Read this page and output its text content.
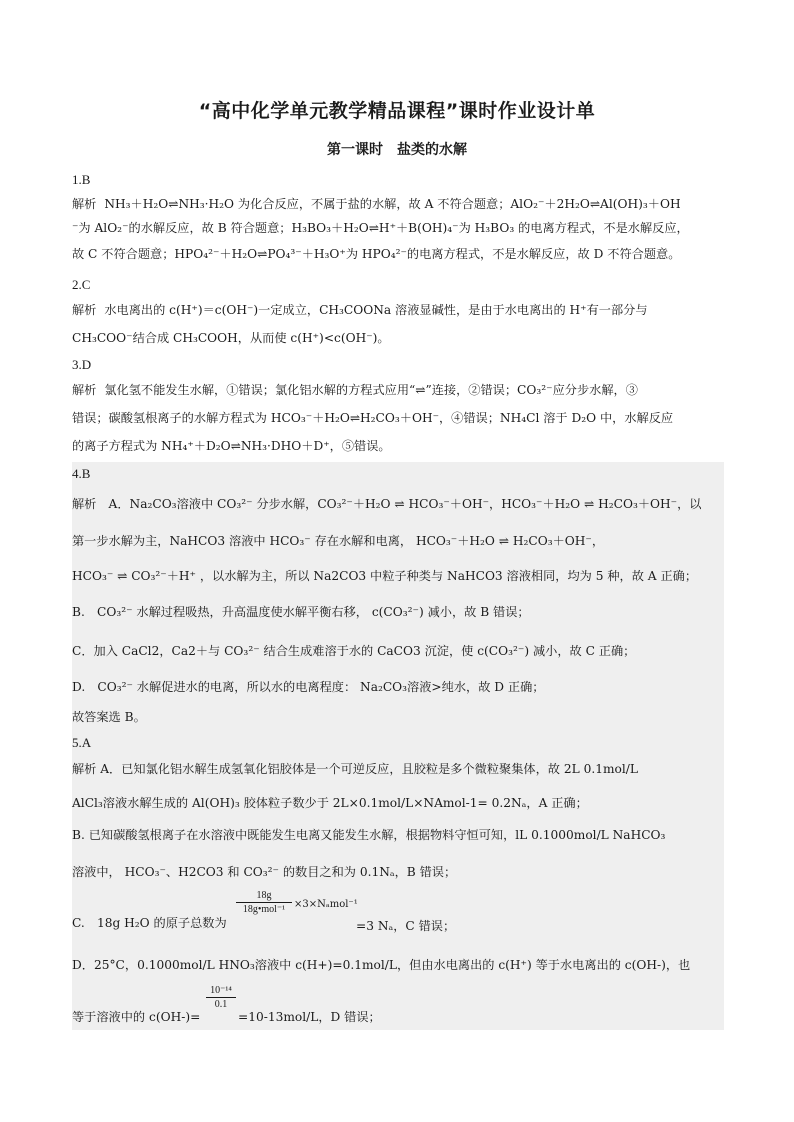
“高中化学单元教学精品课程”课时作业设计单
第一课时　盐类的水解
1.B
解析 NH₃＋H₂O⇌NH₃·H₂O 为化合反应，不属于盐的水解，故 A 不符合题意；AlO₂⁻＋2H₂O⇌Al(OH)₃＋OH
⁻为 AlO₂⁻的水解反应，故 B 符合题意；H₃BO₃＋H₂O⇌H⁺＋B(OH)₄⁻为 H₃BO₃ 的电离方程式，不是水解反应，
故 C 不符合题意；HPO₄²⁻＋H₂O⇌PO₄³⁻＋H₃O⁺为 HPO₄²⁻的电离方程式，不是水解反应，故 D 不符合题意。
2.C
解析 水电离出的 c(H⁺)＝c(OH⁻)一定成立，CH₃COONa 溶液显碱性，是由于水电离出的 H⁺有一部分与
CH₃COO⁻结合成 CH₃COOH，从而使 c(H⁺)<c(OH⁻)。
3.D
解析 氯化氢不能发生水解，①错误；氯化铝水解的方程式应用“⇌”连接，②错误；CO₃²⁻应分步水解，③
错误；碳酸氢根离子的水解方程式为 HCO₃⁻＋H₂O⇌H₂CO₃＋OH⁻，④错误；NH₄Cl 溶于 D₂O 中，水解反应
的离子方程式为 NH₄⁺＋D₂O⇌NH₃·DHO＋D⁺，⑤错误。
4.B
解析　A．Na₂CO₃溶液中 CO₃²⁻ 分步水解，CO₃²⁻＋H₂O ⇌ HCO₃⁻＋OH⁻，HCO₃⁻＋H₂O ⇌ H₂CO₃＋OH⁻，以
第一步水解为主，NaHCO3 溶液中 HCO₃⁻ 存在水解和电离， HCO₃⁻＋H₂O ⇌ H₂CO₃＋OH⁻，
HCO₃⁻ ⇌ CO₃²⁻＋H⁺ ，以水解为主，所以 Na2CO3 中粒子种类与 NaHCO3 溶液相同，均为 5 种，故 A 正确；
B.　CO₃²⁻ 水解过程吸热，升高温度使水解平衡右移， c(CO₃²⁻) 减小，故 B 错误；
C．加入 CaCl2，Ca2＋与 CO₃²⁻ 结合生成难溶于水的 CaCO3 沉淀，使 c(CO₃²⁻) 减小，故 C 正确；
D.　CO₃²⁻ 水解促进水的电离，所以水的电离程度： Na₂CO₃溶液>纯水，故 D 正确；
故答案选 B。
5.A
解析 A．已知氯化铝水解生成氢氧化铝胶体是一个可逆反应，且胶粒是多个微粒聚集体，故 2L 0.1mol/L
AlCl₃溶液水解生成的 Al(OH)₃ 胶体粒子数少于 2L×0.1mol/L×NAmol-1= 0.2Nₐ，A 正确；
B. 已知碳酸氢根离子在水溶液中既能发生电离又能发生水解，根据物料守恒可知，lL 0.1000mol/L NaHCO₃
溶液中， HCO₃⁻、H2CO3 和 CO₃²⁻ 的数目之和为 0.1Nₐ，B 错误；
C.　18g H₂O 的原子总数为
18g
18g•mol⁻¹ ×3×Nₐmol⁻¹
=3 Nₐ，C 错误；
D．25°C，0.1000mol/L HNO₃溶液中 c(H+)=0.1mol/L，但由水电离出的 c(H⁺) 等于水电离出的 c(OH-)，也
等于溶液中的 c(OH-)=
$\frac{\text{10⁻¹⁴}}{0.1}$
=10-13mol/L，D 错误；
